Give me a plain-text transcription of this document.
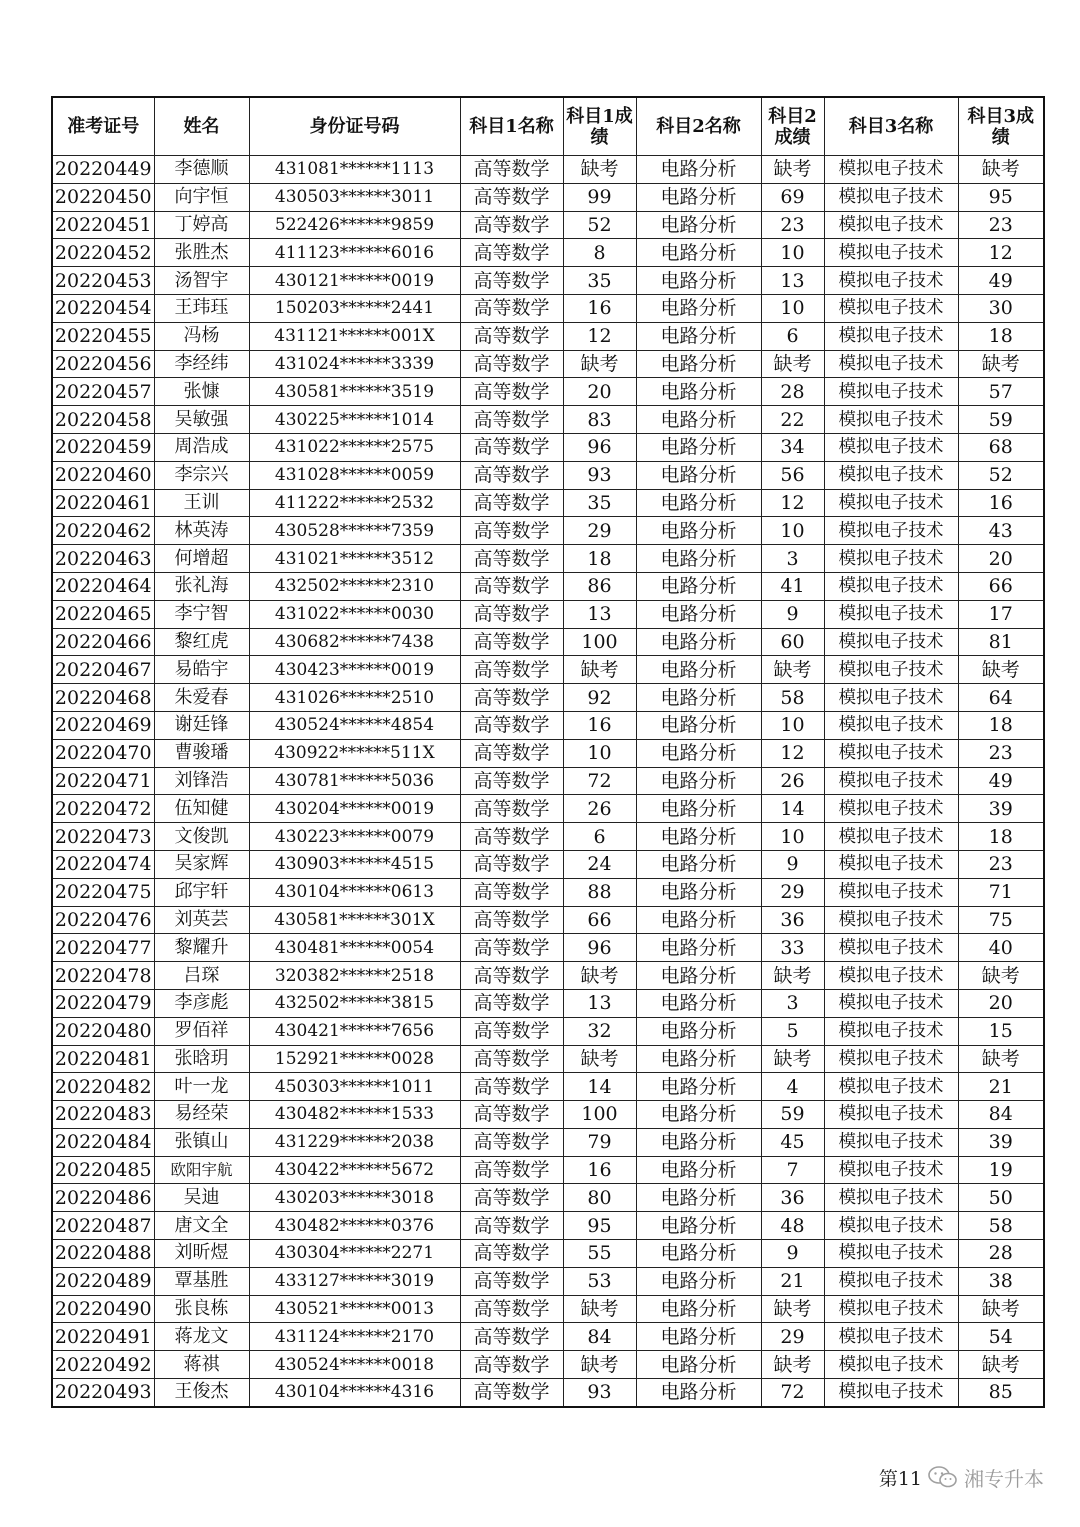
准考证号	姓名	身份证号码	科目1名称	科目1成绩	科目2名称	科目2成绩	科目3名称	科目3成绩
20220449	李德顺	431081******1113	高等数学	缺考	电路分析	缺考	模拟电子技术	缺考
20220450	向宇恒	430503******3011	高等数学	99	电路分析	69	模拟电子技术	95
20220451	丁婷高	522426******9859	高等数学	52	电路分析	23	模拟电子技术	23
20220452	张胜杰	411123******6016	高等数学	8	电路分析	10	模拟电子技术	12
20220453	汤智宇	430121******0019	高等数学	35	电路分析	13	模拟电子技术	49
20220454	王玮珏	150203******2441	高等数学	16	电路分析	10	模拟电子技术	30
20220455	冯杨	431121******001X	高等数学	12	电路分析	6	模拟电子技术	18
20220456	李经纬	431024******3339	高等数学	缺考	电路分析	缺考	模拟电子技术	缺考
20220457	张慷	430581******3519	高等数学	20	电路分析	28	模拟电子技术	57
20220458	吴敏强	430225******1014	高等数学	83	电路分析	22	模拟电子技术	59
20220459	周浩成	431022******2575	高等数学	96	电路分析	34	模拟电子技术	68
20220460	李宗兴	431028******0059	高等数学	93	电路分析	56	模拟电子技术	52
20220461	王训	411222******2532	高等数学	35	电路分析	12	模拟电子技术	16
20220462	林英涛	430528******7359	高等数学	29	电路分析	10	模拟电子技术	43
20220463	何增超	431021******3512	高等数学	18	电路分析	3	模拟电子技术	20
20220464	张礼海	432502******2310	高等数学	86	电路分析	41	模拟电子技术	66
20220465	李宁智	431022******0030	高等数学	13	电路分析	9	模拟电子技术	17
20220466	黎红虎	430682******7438	高等数学	100	电路分析	60	模拟电子技术	81
20220467	易皓宇	430423******0019	高等数学	缺考	电路分析	缺考	模拟电子技术	缺考
20220468	朱爱春	431026******2510	高等数学	92	电路分析	58	模拟电子技术	64
20220469	谢廷锋	430524******4854	高等数学	16	电路分析	10	模拟电子技术	18
20220470	曹骏璠	430922******511X	高等数学	10	电路分析	12	模拟电子技术	23
20220471	刘锋浩	430781******5036	高等数学	72	电路分析	26	模拟电子技术	49
20220472	伍知健	430204******0019	高等数学	26	电路分析	14	模拟电子技术	39
20220473	文俊凯	430223******0079	高等数学	6	电路分析	10	模拟电子技术	18
20220474	吴家辉	430903******4515	高等数学	24	电路分析	9	模拟电子技术	23
20220475	邱宇轩	430104******0613	高等数学	88	电路分析	29	模拟电子技术	71
20220476	刘英芸	430581******301X	高等数学	66	电路分析	36	模拟电子技术	75
20220477	黎耀升	430481******0054	高等数学	96	电路分析	33	模拟电子技术	40
20220478	吕琛	320382******2518	高等数学	缺考	电路分析	缺考	模拟电子技术	缺考
20220479	李彦彪	432502******3815	高等数学	13	电路分析	3	模拟电子技术	20
20220480	罗佰祥	430421******7656	高等数学	32	电路分析	5	模拟电子技术	15
20220481	张晗玥	152921******0028	高等数学	缺考	电路分析	缺考	模拟电子技术	缺考
20220482	叶一龙	450303******1011	高等数学	14	电路分析	4	模拟电子技术	21
20220483	易经荣	430482******1533	高等数学	100	电路分析	59	模拟电子技术	84
20220484	张镇山	431229******2038	高等数学	79	电路分析	45	模拟电子技术	39
20220485	欧阳宇航	430422******5672	高等数学	16	电路分析	7	模拟电子技术	19
20220486	吴迪	430203******3018	高等数学	80	电路分析	36	模拟电子技术	50
20220487	唐文全	430482******0376	高等数学	95	电路分析	48	模拟电子技术	58
20220488	刘昕煜	430304******2271	高等数学	55	电路分析	9	模拟电子技术	28
20220489	覃基胜	433127******3019	高等数学	53	电路分析	21	模拟电子技术	38
20220490	张良栋	430521******0013	高等数学	缺考	电路分析	缺考	模拟电子技术	缺考
20220491	蒋龙文	431124******2170	高等数学	84	电路分析	29	模拟电子技术	54
20220492	蒋祺	430524******0018	高等数学	缺考	电路分析	缺考	模拟电子技术	缺考
20220493	王俊杰	430104******4316	高等数学	93	电路分析	72	模拟电子技术	85
第11 湘专升本
